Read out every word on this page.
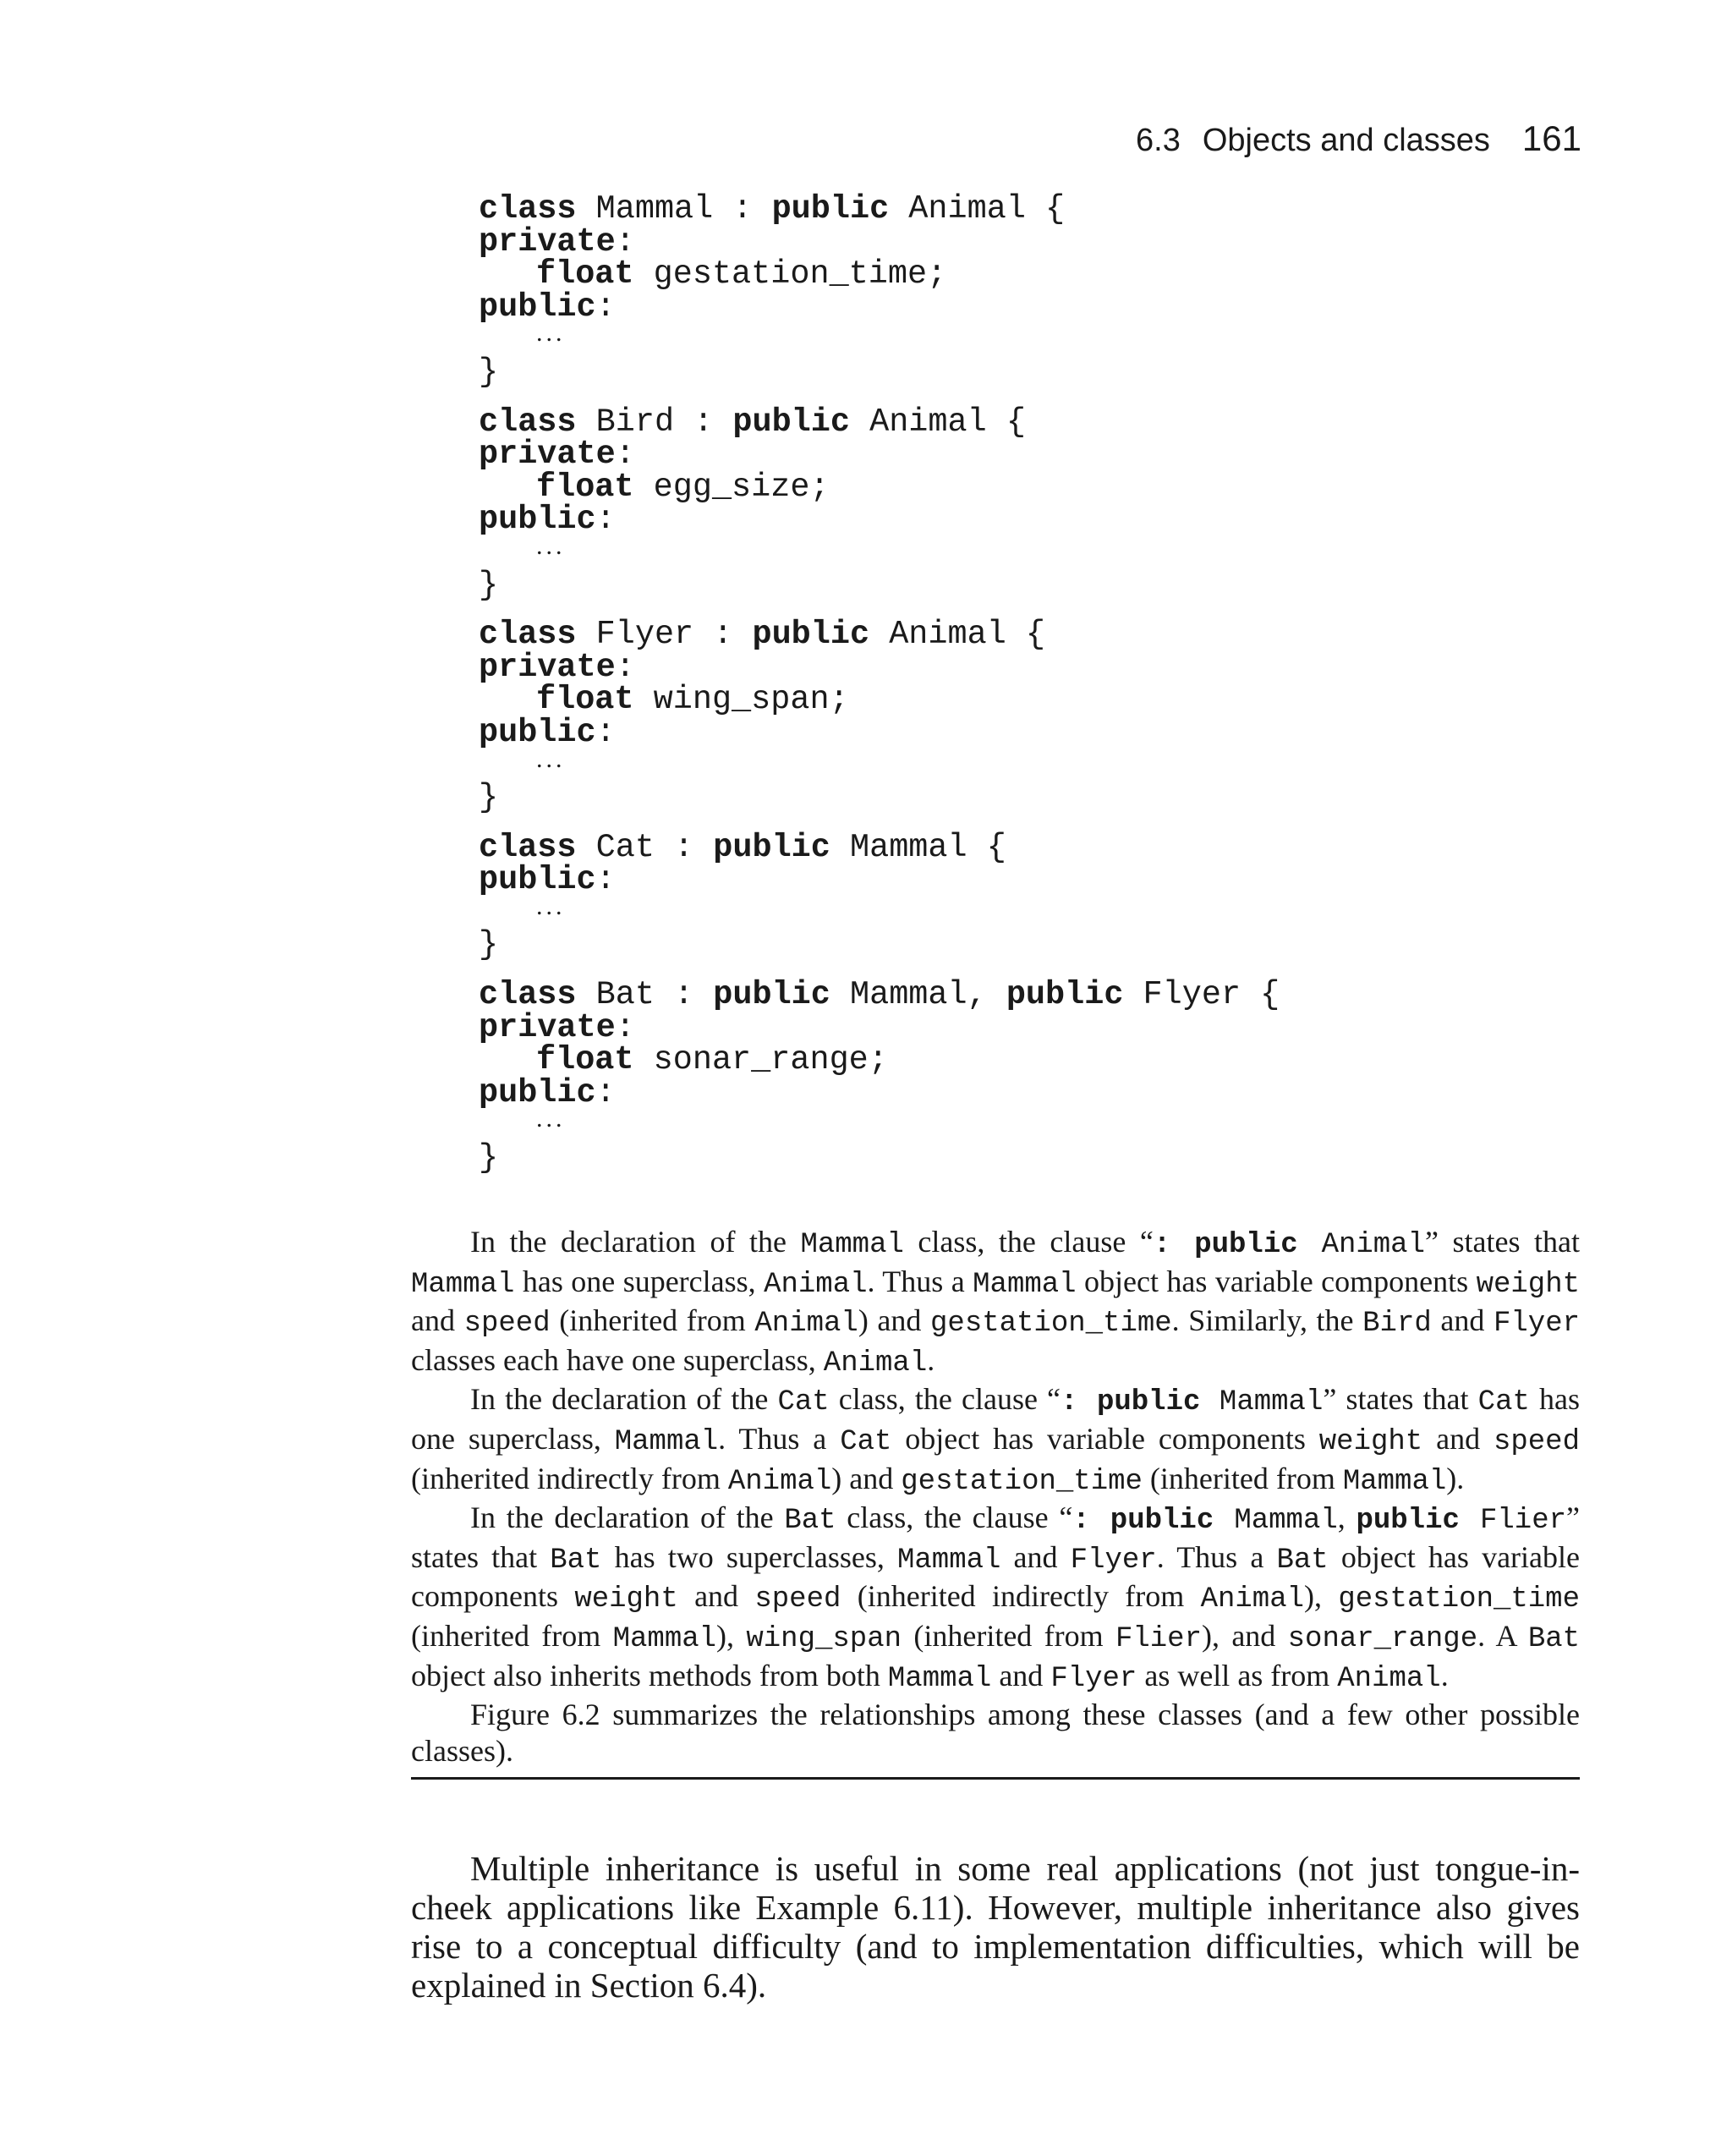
6.3 Objects and classes 161
class Mammal : public Animal {
private:
float gestation_time;
public:
...
}
class Bird : public Animal {
private:
float egg_size;
public:
...
}
class Flyer : public Animal {
private:
float wing_span;
public:
...
}
class Cat : public Mammal {
public:
...
}
class Bat : public Mammal, public Flyer {
private:
float sonar_range;
public:
...
}

In the declaration of the Mammal class, the clause “: public Animal” states that Mammal has one superclass, Animal. Thus a Mammal object has variable components weight and speed (inherited from Animal) and gestation_time. Similarly, the Bird and Flyer classes each have one superclass, Animal.

In the declaration of the Cat class, the clause “: public Mammal” states that Cat has one superclass, Mammal. Thus a Cat object has variable components weight and speed (inherited indirectly from Animal) and gestation_time (inherited from Mammal).

In the declaration of the Bat class, the clause “: public Mammal, public Flier” states that Bat has two superclasses, Mammal and Flyer. Thus a Bat object has variable components weight and speed (inherited indirectly from Animal), gestation_time (inherited from Mammal), wing_span (inherited from Flier), and sonar_range. A Bat object also inherits methods from both Mammal and Flyer as well as from Animal.

Figure 6.2 summarizes the relationships among these classes (and a few other possible classes).

Multiple inheritance is useful in some real applications (not just tongue-in-cheek applications like Example 6.11). However, multiple inheritance also gives rise to a conceptual difficulty (and to implementation difficulties, which will be explained in Section 6.4).
